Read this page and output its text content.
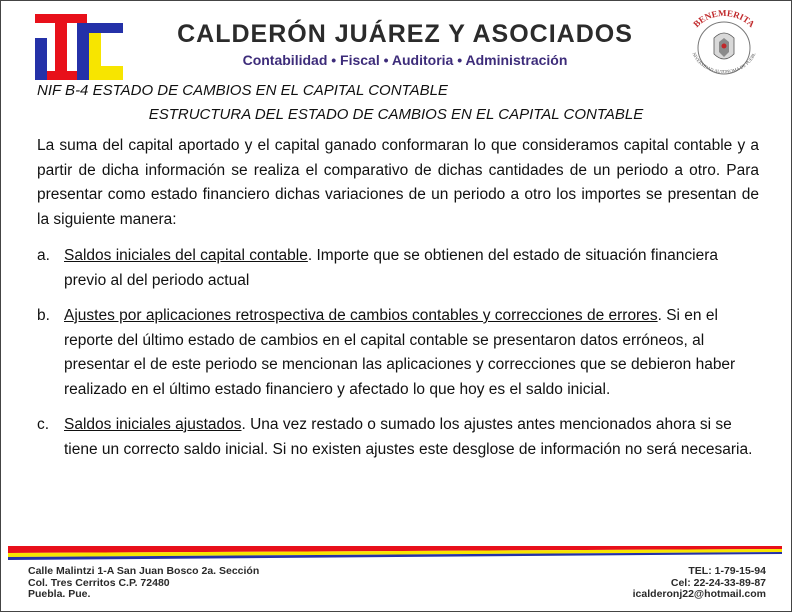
CALDERÓN JUÁREZ Y ASOCIADOS
Contabilidad • Fiscal • Auditoria • Administración
BENEMERITA
NIVERSIDAD AUTONOMA DE PUEBL
NIF B-4 ESTADO DE CAMBIOS EN EL CAPITAL CONTABLE
ESTRUCTURA DEL ESTADO DE CAMBIOS EN EL CAPITAL CONTABLE

La suma del capital aportado y el capital ganado conformaran lo que consideramos capital contable y a partir de dicha información se realiza el comparativo de dichas cantidades de un periodo a otro. Para presentar como estado financiero dichas variaciones de un periodo a otro los importes se presentan de la siguiente manera:

a. Saldos iniciales del capital contable. Importe que se obtienen del estado de situación financiera previo al del periodo actual
b. Ajustes por aplicaciones retrospectiva de cambios contables y correcciones de errores. Si en el reporte del último estado de cambios en el capital contable se presentaron datos erróneos, al presentar el de este periodo se mencionan las aplicaciones y correcciones que se debieron haber realizado en el último estado financiero y afectado lo que hoy es el saldo inicial.
c. Saldos iniciales ajustados. Una vez restado o sumado los ajustes antes mencionados ahora si se tiene un correcto saldo inicial. Si no existen ajustes este desglose de información no será necesaria.
Calle Malintzi 1-A San Juan Bosco 2a. Sección
Col. Tres Cerritos C.P. 72480
Puebla. Pue.
TEL: 1-79-15-94
Cel: 22-24-33-89-87
icalderonj22@hotmail.com
